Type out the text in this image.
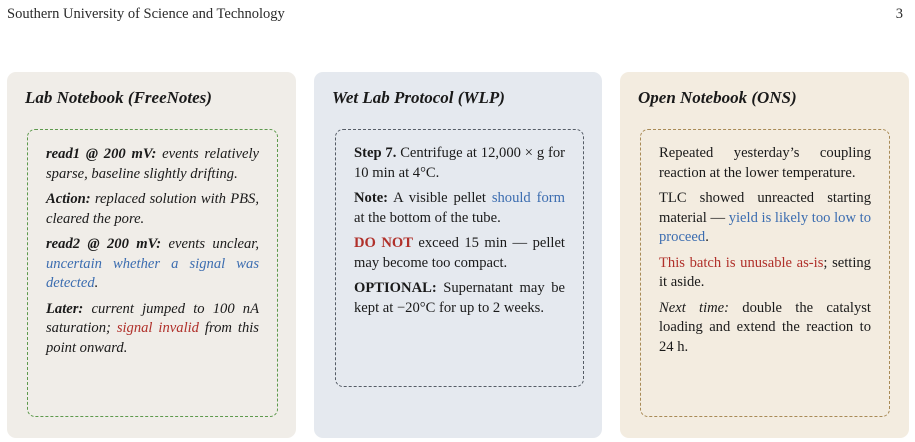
Southern University of Science and Technology	3
Lab Notebook (FreeNotes)

read1 @ 200 mV: events relatively sparse, baseline slightly drifting.

Action: replaced solution with PBS, cleared the pore.

read2 @ 200 mV: events unclear, uncertain whether a signal was detected.

Later: current jumped to 100 nA saturation; signal invalid from this point onward.

Wet Lab Protocol (WLP)

Step 7. Centrifuge at 12,000 × g for 10 min at 4°C.

Note: A visible pellet should form at the bottom of the tube.

DO NOT exceed 15 min — pellet may become too compact.

OPTIONAL: Supernatant may be kept at −20°C for up to 2 weeks.

Open Notebook (ONS)

Repeated yesterday’s coupling reaction at the lower temperature.

TLC showed unreacted starting material — yield is likely too low to proceed.

This batch is unusable as-is; setting it aside.

Next time: double the catalyst loading and extend the reaction to 24 h.
